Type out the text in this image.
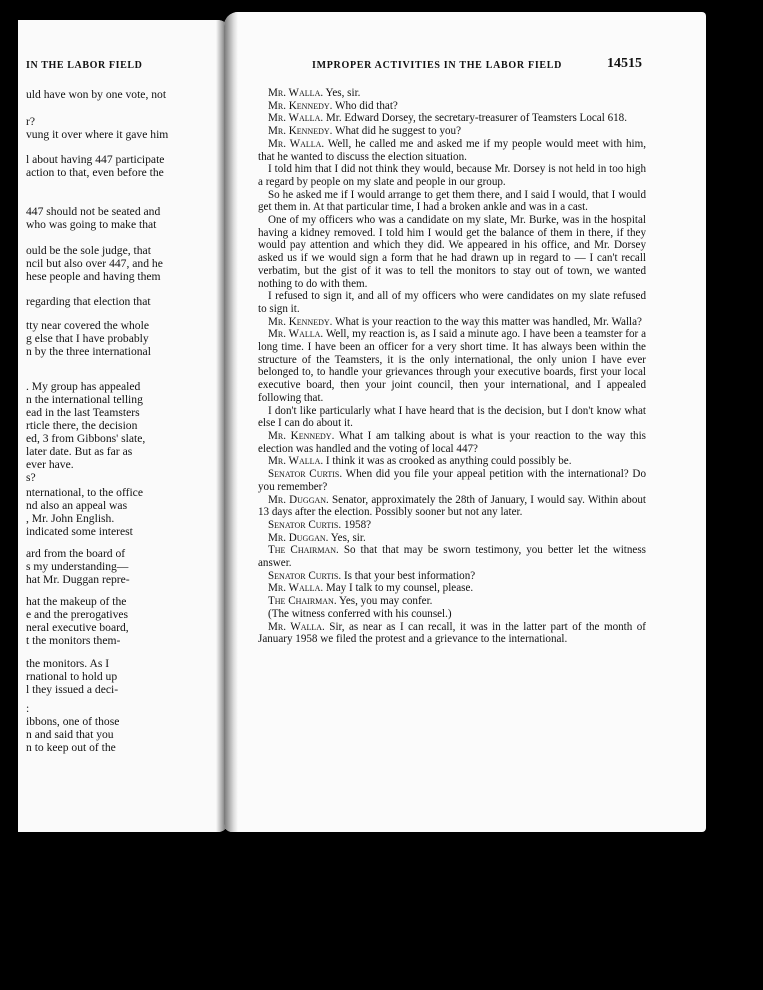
IN THE LABOR FIELD
uld have won by one vote, not
r?
vung it over where it gave him
l about having 447 participate
action to that, even before the
447 should not be seated and
who was going to make that
ould be the sole judge, that
ncil but also over 447, and he
hese people and having them
regarding that election that
tty near covered the whole
g else that I have probably
n by the three international
. My group has appealed
n the international telling
ead in the last Teamsters
rticle there, the decision
ed, 3 from Gibbons' slate,
later date. But as far as
ever have.
s?
nternational, to the office
nd also an appeal was
, Mr. John English.
indicated some interest
ard from the board of
s my understanding—
hat Mr. Duggan repre-
hat the makeup of the
e and the prerogatives
neral executive board,
t the monitors them-
the monitors. As I
rnational to hold up
l they issued a deci-
:
ibbons, one of those
n and said that you
n to keep out of the
IMPROPER ACTIVITIES IN THE LABOR FIELD	14515

Mr. Walla. Yes, sir.

Mr. Kennedy. Who did that?

Mr. Walla. Mr. Edward Dorsey, the secretary-treasurer of Teamsters Local 618.

Mr. Kennedy. What did he suggest to you?

Mr. Walla. Well, he called me and asked me if my people would meet with him, that he wanted to discuss the election situation.

I told him that I did not think they would, because Mr. Dorsey is not held in too high a regard by people on my slate and people in our group.

So he asked me if I would arrange to get them there, and I said I would, that I would get them in. At that particular time, I had a broken ankle and was in a cast.

One of my officers who was a candidate on my slate, Mr. Burke, was in the hospital having a kidney removed. I told him I would get the balance of them in there, if they would pay attention and which they did. We appeared in his office, and Mr. Dorsey asked us if we would sign a form that he had drawn up in regard to — I can't recall verbatim, but the gist of it was to tell the monitors to stay out of town, we wanted nothing to do with them.

I refused to sign it, and all of my officers who were candidates on my slate refused to sign it.

Mr. Kennedy. What is your reaction to the way this matter was handled, Mr. Walla?

Mr. Walla. Well, my reaction is, as I said a minute ago. I have been a teamster for a long time. I have been an officer for a very short time. It has always been within the structure of the Teamsters, it is the only international, the only union I have ever belonged to, to handle your grievances through your executive boards, first your local executive board, then your joint council, then your international, and I appealed following that.

I don't like particularly what I have heard that is the decision, but I don't know what else I can do about it.

Mr. Kennedy. What I am talking about is what is your reaction to the way this election was handled and the voting of local 447?

Mr. Walla. I think it was as crooked as anything could possibly be.

Senator Curtis. When did you file your appeal petition with the international? Do you remember?

Mr. Duggan. Senator, approximately the 28th of January, I would say. Within about 13 days after the election. Possibly sooner but not any later.

Senator Curtis. 1958?

Mr. Duggan. Yes, sir.

The Chairman. So that that may be sworn testimony, you better let the witness answer.

Senator Curtis. Is that your best information?

Mr. Walla. May I talk to my counsel, please.

The Chairman. Yes, you may confer.

(The witness conferred with his counsel.)

Mr. Walla. Sir, as near as I can recall, it was in the latter part of the month of January 1958 we filed the protest and a grievance to the international.
